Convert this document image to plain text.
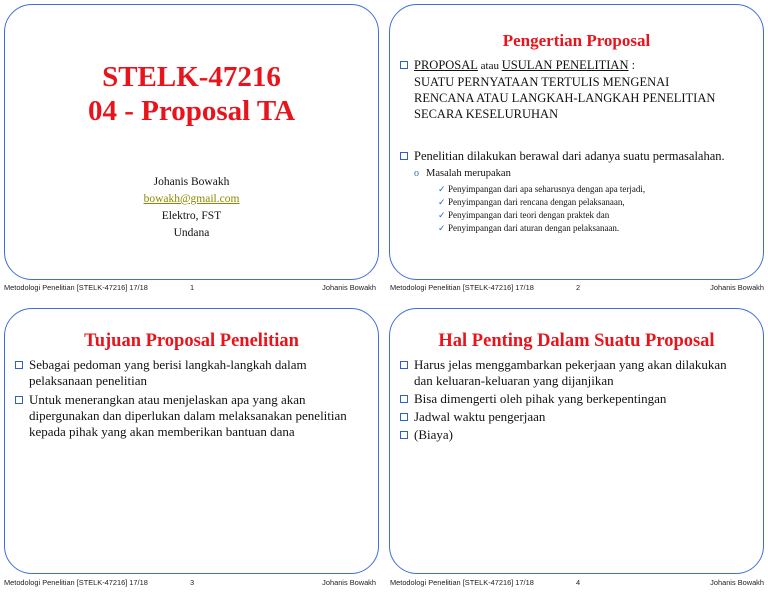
STELK-47216
04 - Proposal TA
Johanis Bowakh
bowakh@gmail.com
Elektro, FST
Undana
Metodologi Penelitian [STELK-47216] 17/18	1	Johanis Bowakh
Pengertian Proposal
PROPOSAL atau USULAN PENELITIAN :
SUATU PERNYATAAN TERTULIS MENGENAI
RENCANA ATAU LANGKAH-LANGKAH PENELITIAN
SECARA KESELURUHAN
Penelitian dilakukan berawal dari adanya suatu permasalahan.
o Masalah merupakan
✓ Penyimpangan dari apa seharusnya dengan apa terjadi,
✓ Penyimpangan dari rencana dengan pelaksanaan,
✓ Penyimpangan dari teori dengan praktek dan
✓ Penyimpangan dari aturan dengan pelaksanaan.
Metodologi Penelitian [STELK-47216] 17/18	2	Johanis Bowakh
Tujuan Proposal Penelitian
Sebagai pedoman yang berisi langkah-langkah dalam
pelaksanaan penelitian
Untuk menerangkan atau menjelaskan apa yang akan
dipergunakan dan diperlukan dalam melaksanakan penelitian
kepada pihak yang akan memberikan bantuan dana
Metodologi Penelitian [STELK-47216] 17/18	3	Johanis Bowakh
Hal Penting Dalam Suatu Proposal
Harus jelas menggambarkan pekerjaan yang akan dilakukan
dan keluaran-keluaran yang dijanjikan
Bisa dimengerti oleh pihak yang berkepentingan
Jadwal waktu pengerjaan
(Biaya)
Metodologi Penelitian [STELK-47216] 17/18	4	Johanis Bowakh
